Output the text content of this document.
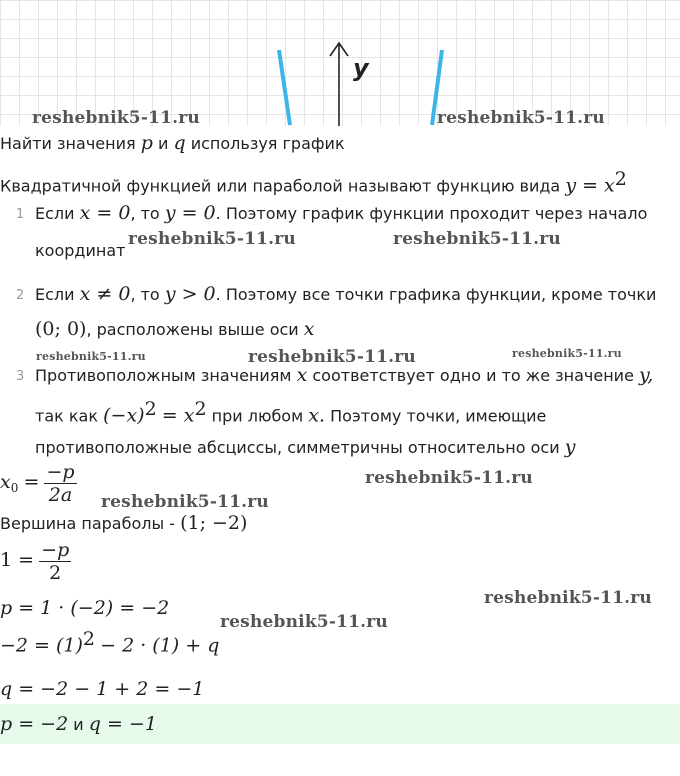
y
reshebnik5-11.ru	reshebnik5-11.ru
reshebnik5-11.ru	reshebnik5-11.ru
reshebnik5-11.ru	reshebnik5-11.ru	reshebnik5-11.ru
reshebnik5-11.ru
reshebnik5-11.ru
reshebnik5-11.ru
reshebnik5-11.ru
Найти значения p и q используя график
Квадратичной функцией или параболой называют функцию вида $y = x^2$
1 Если x = 0, то y = 0. Поэтому график функции проходит через начало
координат
2 Если x ≠ 0, то y > 0. Поэтому все точки графика функции, кроме точки
(0; 0), расположены выше оси x
3 Противоположным значениям x соответствует одно и то же значение y,
так как $(-x)^2 = x^2$ при любом x. Поэтому точки, имеющие
противоположные абсциссы, симметричны относительно оси y
$x_0 = \frac{-p}{2a}$
Вершина параболы - (1; −2)
$1 = \frac{-p}{2}$
p = 1 · (−2) = −2
$-2 = (1)^2 - 2 \cdot (1) + q$
q = −2 − 1 + 2 = −1
p = −2 и q = −1
